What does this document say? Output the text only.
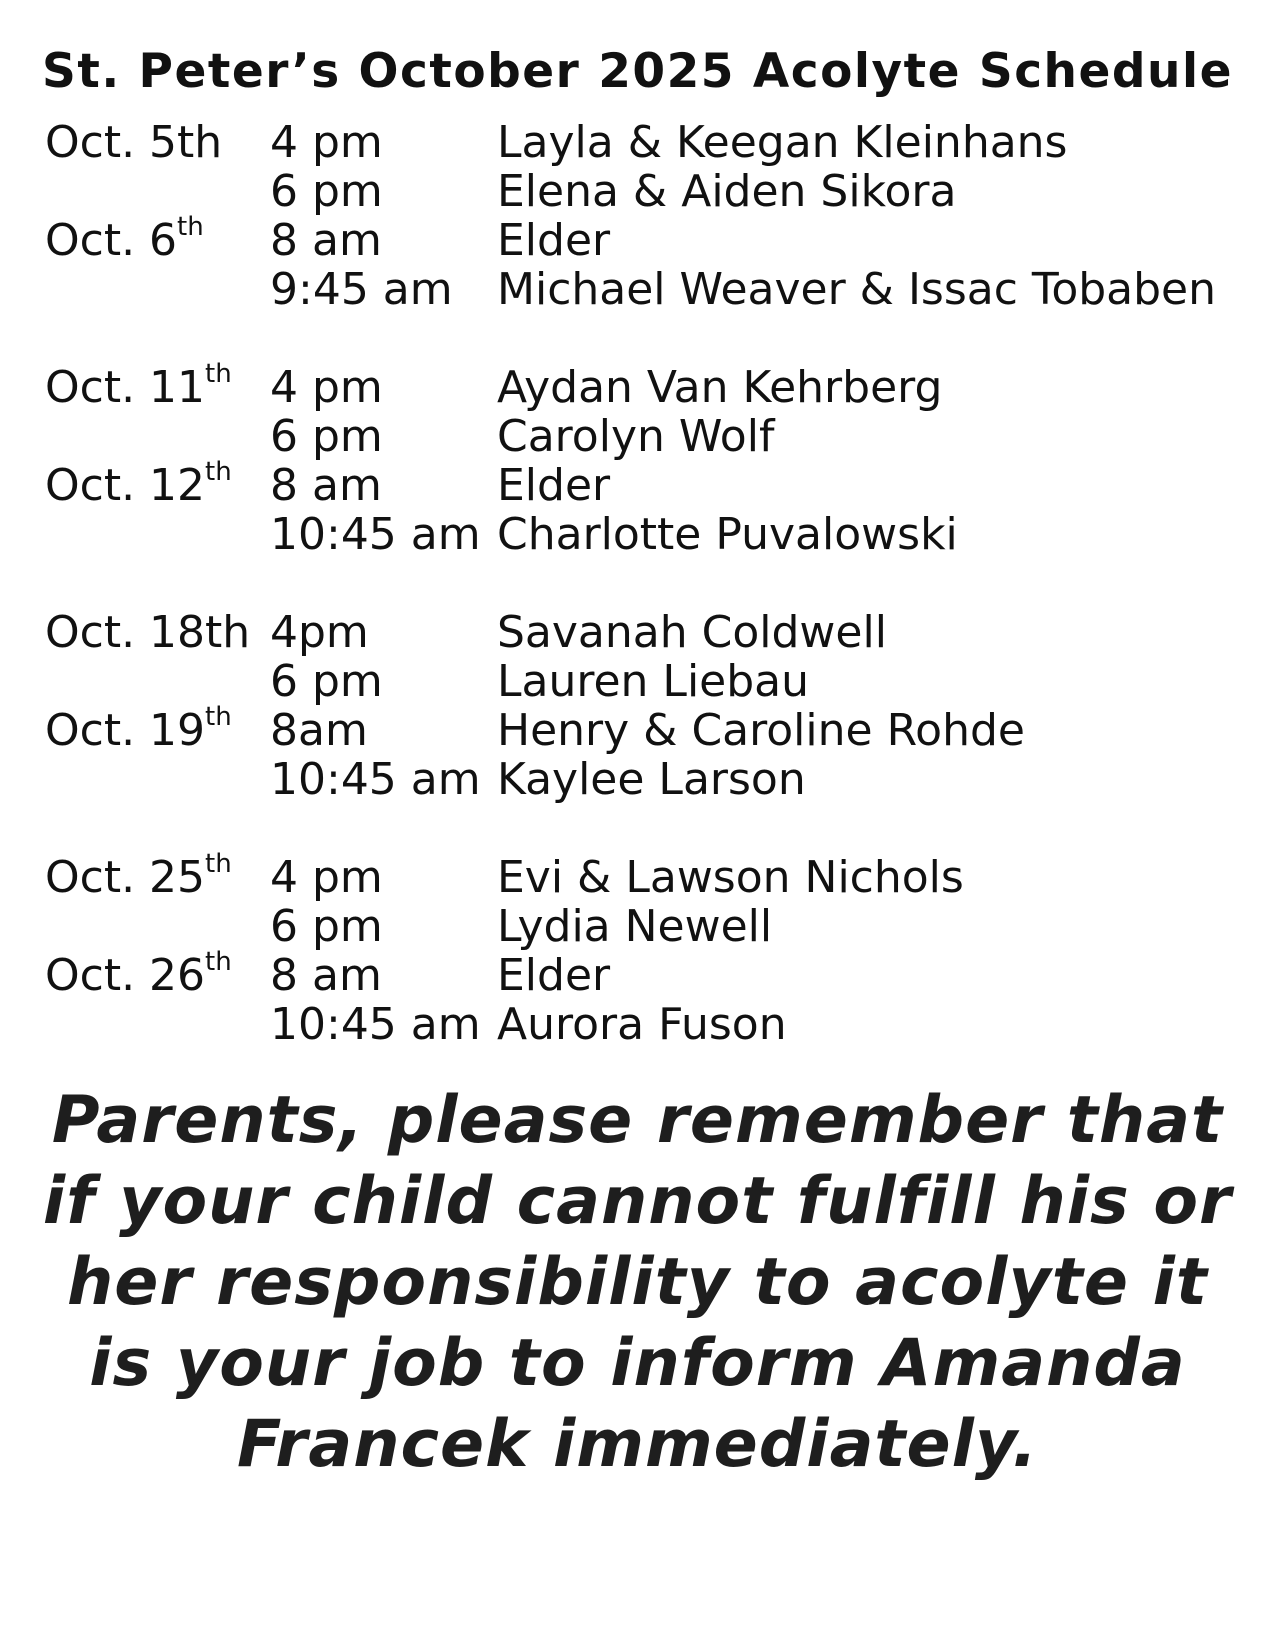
St. Peter’s October 2025 Acolyte Schedule
Oct. 5th 4 pm	Layla & Keegan Kleinhans
6 pm	Elena & Aiden Sikora
Oct. 6th 8 am	Elder
9:45 am Michael Weaver & Issac Tobaben
Oct. 11th 4 pm	Aydan Van Kehrberg
6 pm	Carolyn Wolf
Oct. 12th 8 am	Elder
10:45 am Charlotte Puvalowski
Oct. 18th 4pm	Savanah Coldwell
6 pm	Lauren Liebau
Oct. 19th 8am	Henry & Caroline Rohde
10:45 am Kaylee Larson
Oct. 25th 4 pm	Evi & Lawson Nichols
6 pm	Lydia Newell
Oct. 26th 8 am	Elder
10:45 am Aurora Fuson
Parents, please remember that if your child cannot fulfill his or her responsibility to acolyte it is your job to inform Amanda Francek immediately.
